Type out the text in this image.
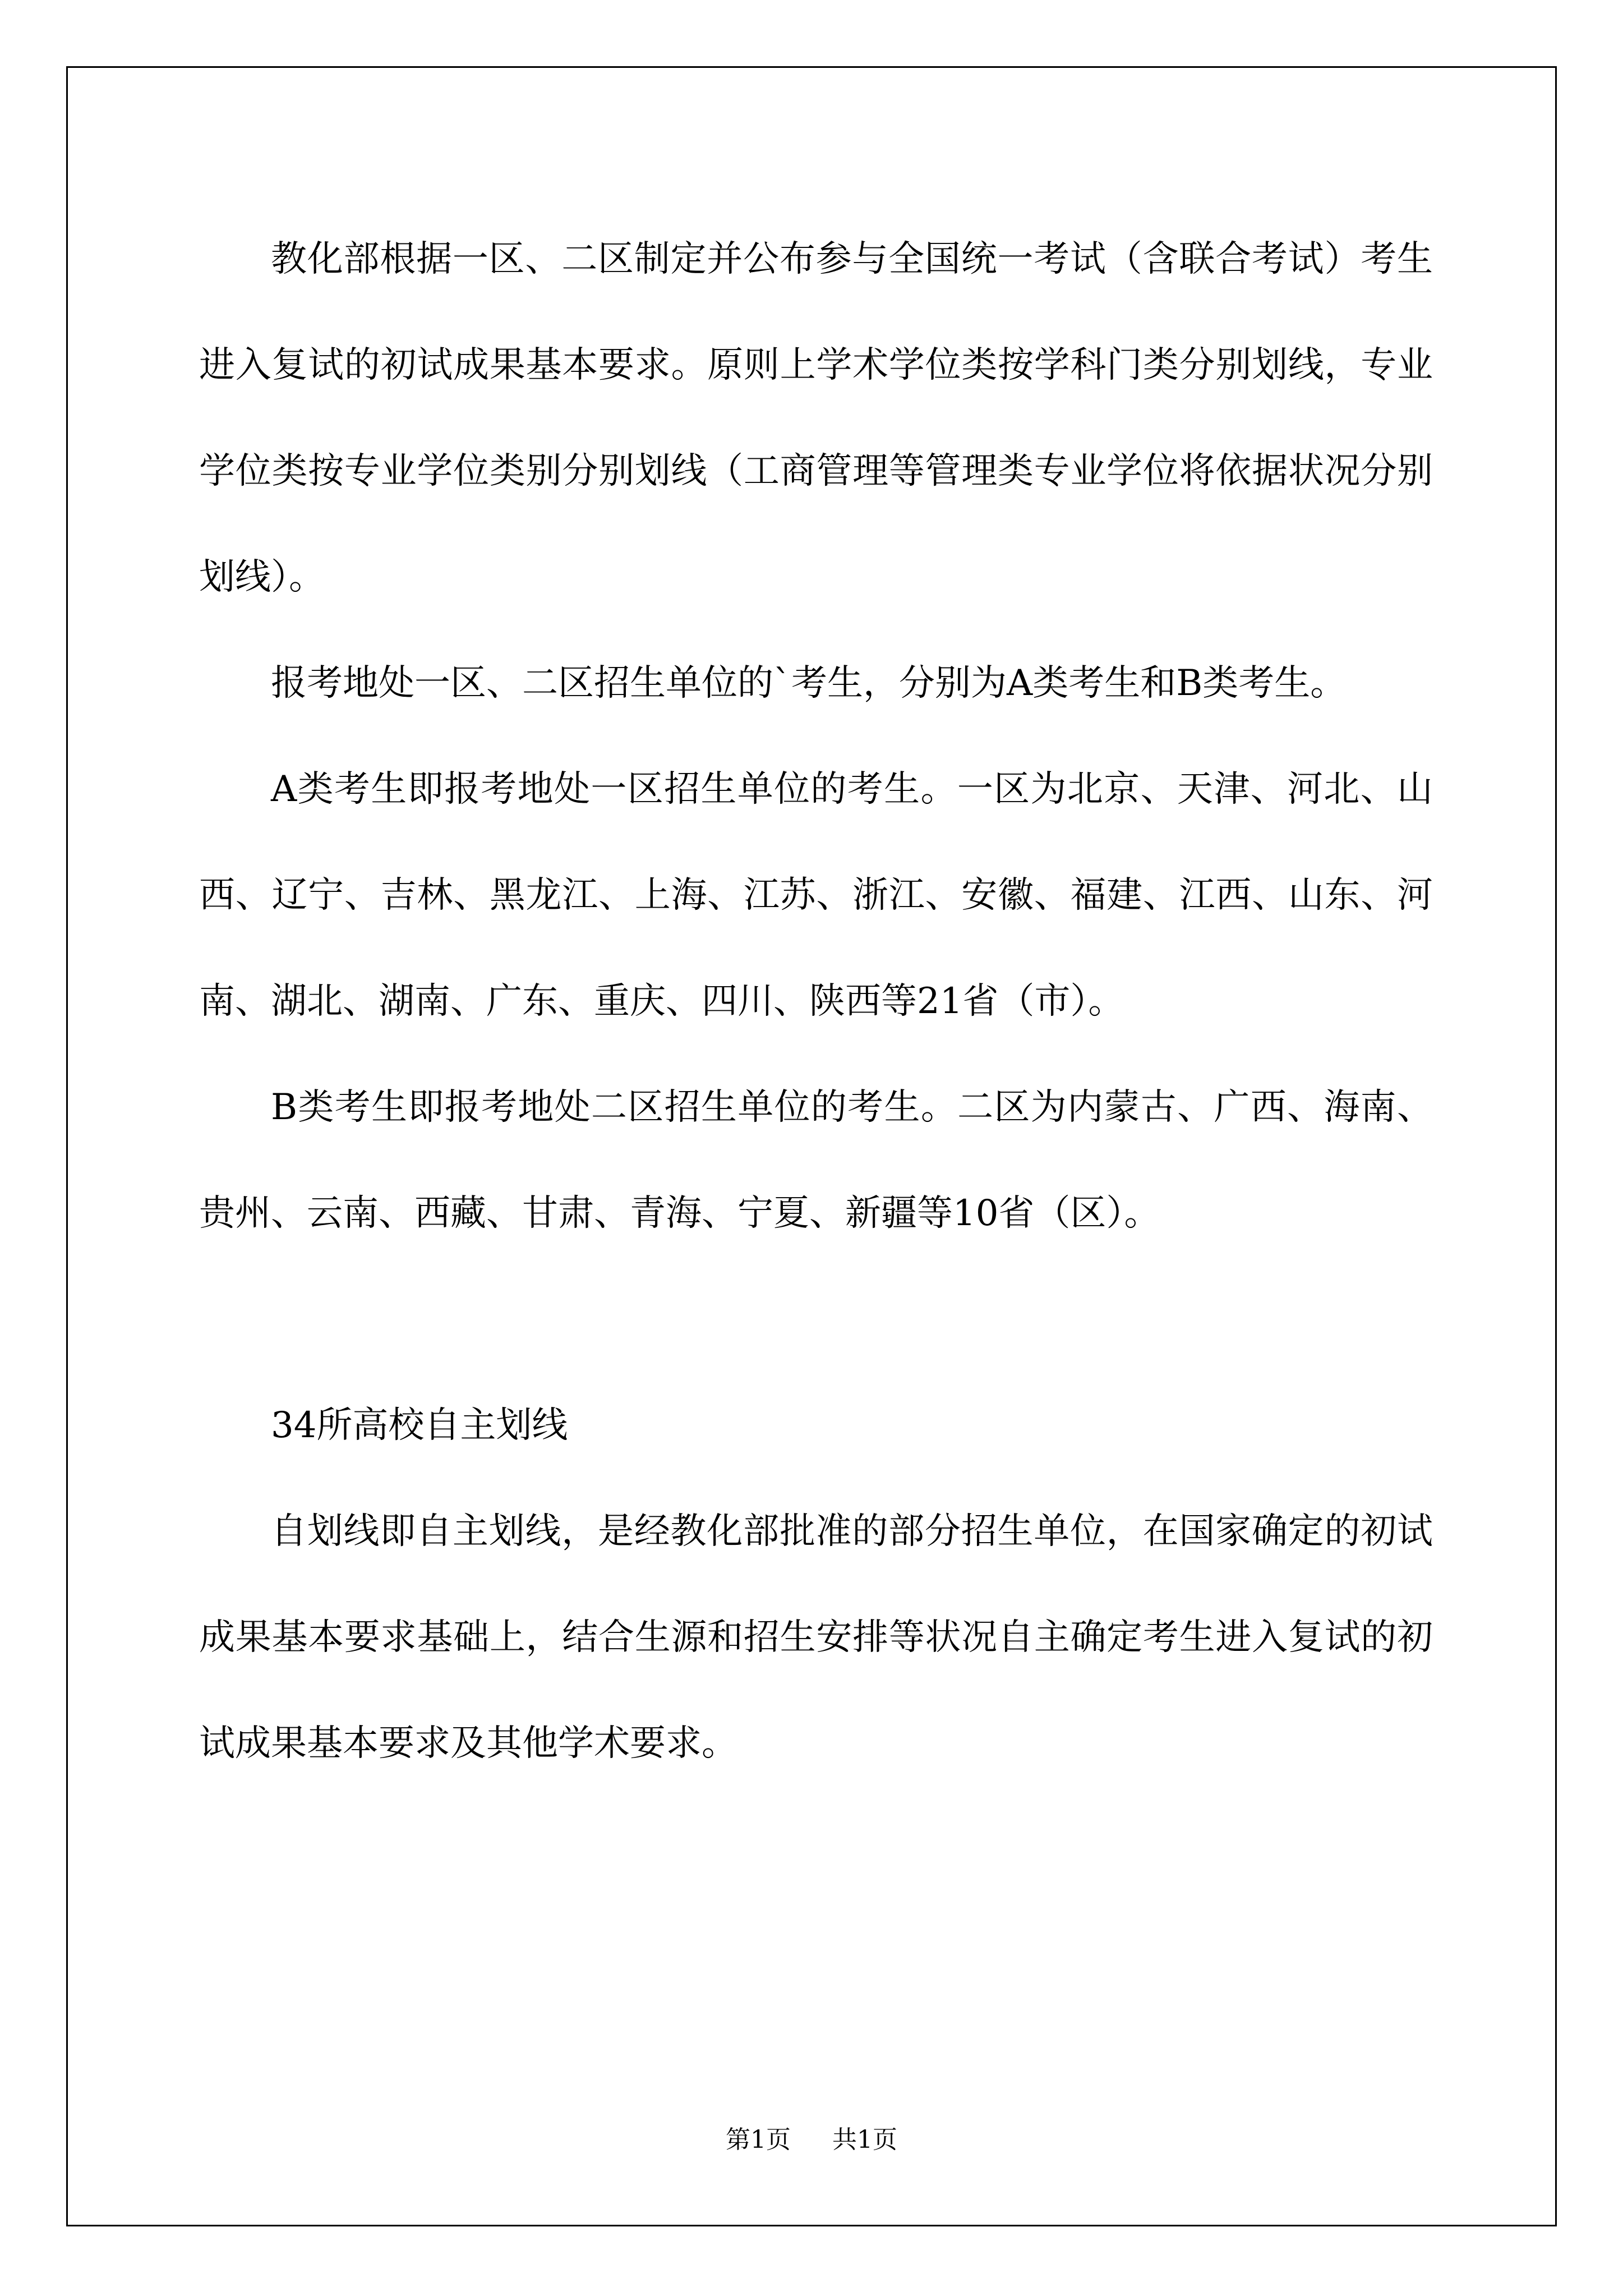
教化部根据一区、二区制定并公布参与全国统一考试（含联合考试）考生进入复试的初试成果基本要求。原则上学术学位类按学科门类分别划线，专业学位类按专业学位类别分别划线（工商管理等管理类专业学位将依据状况分别划线）。

报考地处一区、二区招生单位的`考生，分别为A类考生和B类考生。

A类考生即报考地处一区招生单位的考生。一区为北京、天津、河北、山西、辽宁、吉林、黑龙江、上海、江苏、浙江、安徽、福建、江西、山东、河南、湖北、湖南、广东、重庆、四川、陕西等21省（市）。

B类考生即报考地处二区招生单位的考生。二区为内蒙古、广西、海南、贵州、云南、西藏、甘肃、青海、宁夏、新疆等10省（区）。

34所高校自主划线

自划线即自主划线，是经教化部批准的部分招生单位，在国家确定的初试成果基本要求基础上，结合生源和招生安排等状况自主确定考生进入复试的初试成果基本要求及其他学术要求。

第1页 共1页
